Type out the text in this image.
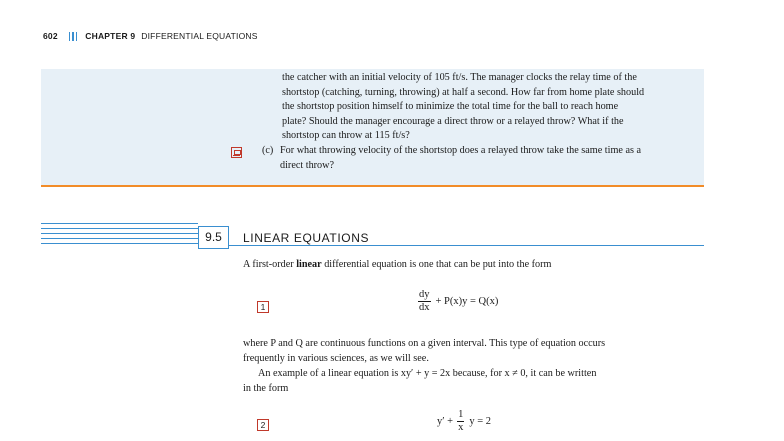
602	CHAPTER 9 DIFFERENTIAL EQUATIONS

the catcher with an initial velocity of 105 ft/s. The manager clocks the relay time of the

shortstop (catching, turning, throwing) at half a second. How far from home plate should

the shortstop position himself to minimize the total time for the ball to reach home

plate? Should the manager encourage a direct throw or a relayed throw? What if the

shortstop can throw at 115 ft/s?

(c) For what throwing velocity of the shortstop does a relayed throw take the same time as a

direct throw?

9.5	LINEAR EQUATIONS

A first-order linear differential equation is one that can be put into the form

1	$\frac{dy}{dx} + P(x)y = Q(x)$

where P and Q are continuous functions on a given interval. This type of equation occurs

frequently in various sciences, as we will see.

An example of a linear equation is xy′ + y = 2x because, for x ≠ 0, it can be written

in the form

2	$y' + \frac{1}{x}$ y = 2
